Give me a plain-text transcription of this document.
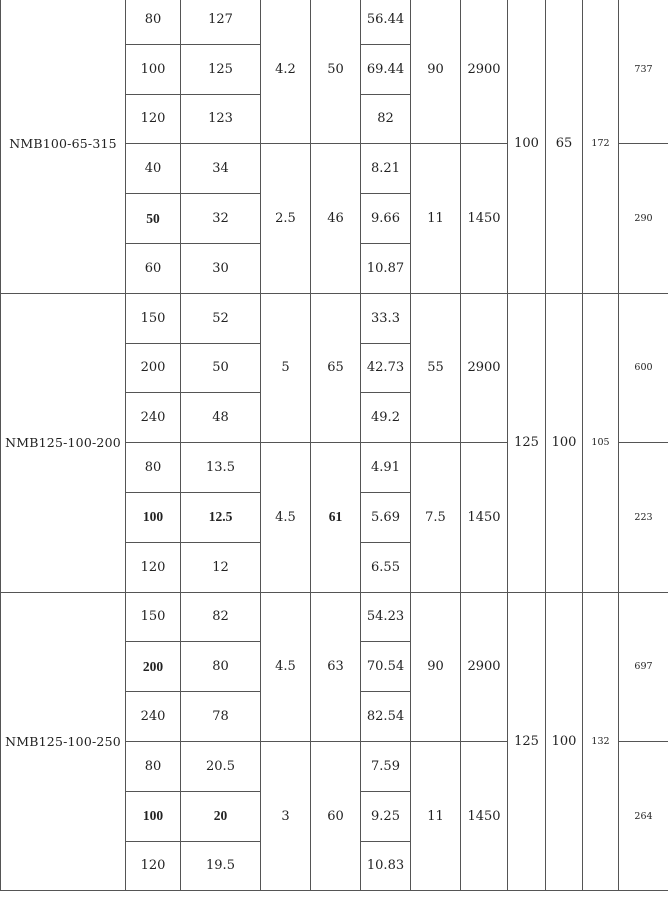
NMB100-65-315	80	127	4.2	50	56.44	90	2900	100	65	172	737
	100	125			69.44						
	120	123			82						
	40	34	2.5	46	8.21	11	1450				290
	50	32			9.66						
	60	30			10.87						
NMB125-100-200	150	52	5	65	33.3	55	2900	125	100	105	600
	200	50			42.73						
	240	48			49.2						
	80	13.5	4.5	61	4.91	7.5	1450				223
	100	12.5			5.69						
	120	12			6.55						
NMB125-100-250	150	82	4.5	63	54.23	90	2900	125	100	132	697
	200	80			70.54						
	240	78			82.54						
	80	20.5	3	60	7.59	11	1450				264
	100	20			9.25						
	120	19.5			10.83						
